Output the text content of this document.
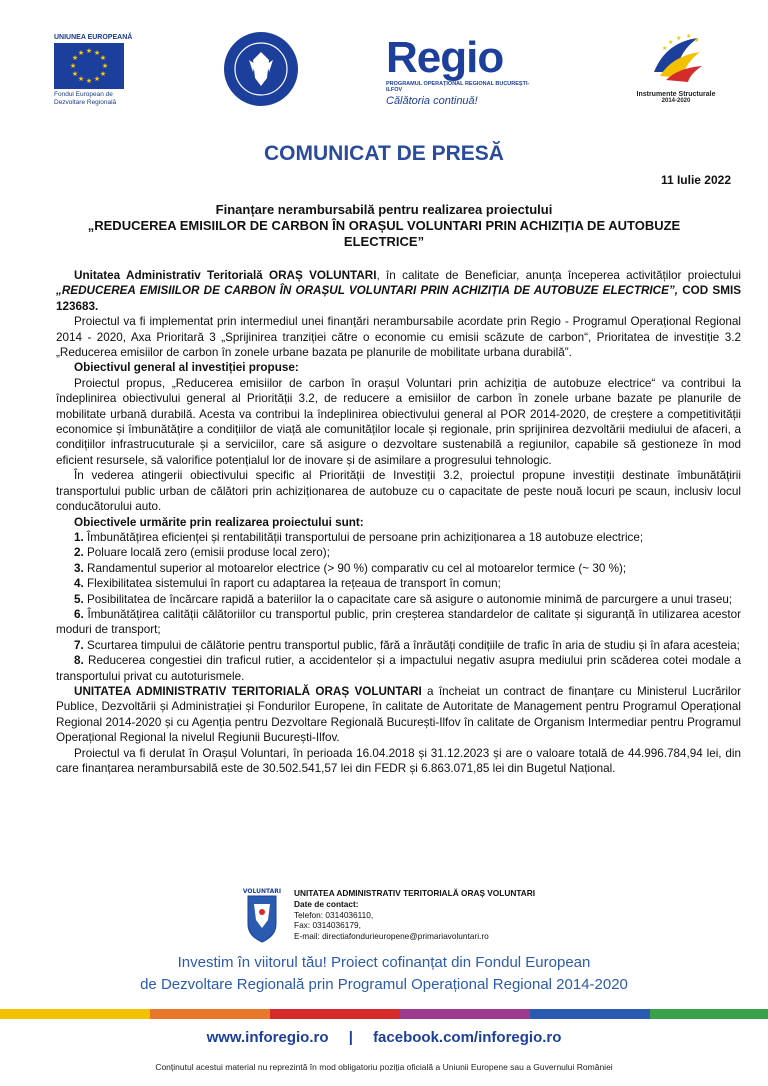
UNIUNEA EUROPEANĂ
★ ★
★
★
★
★
★
★
★
★
★
★
Fondul European de
Dezvoltare Regională
Regio
PROGRAMUL OPERAȚIONAL REGIONAL BUCUREȘTI-ILFOV
Călătoria continuă!
★ ★
★
★
★
Instrumente Structurale
2014-2020
COMUNICAT DE PRESĂ
11 Iulie 2022
Finanțare nerambursabilă pentru realizarea proiectului
„REDUCEREA EMISIILOR DE CARBON ÎN ORAȘUL VOLUNTARI PRIN ACHIZIȚIA DE AUTOBUZE ELECTRICE”

Unitatea Administrativ Teritorială ORAȘ VOLUNTARI, în calitate de Beneficiar, anunța începerea activităților proiectului „REDUCEREA EMISIILOR DE CARBON ÎN ORAȘUL VOLUNTARI PRIN ACHIZIȚIA DE AUTOBUZE ELECTRICE”, COD SMIS 123683.

Proiectul va fi implementat prin intermediul unei finanțări nerambursabile acordate prin Regio - Programul Operațional Regional 2014 - 2020, Axa Prioritară 3 „Sprijinirea tranziției către o economie cu emisii scăzute de carbon“, Prioritatea de investiție 3.2 „Reducerea emisiilor de carbon în zonele urbane bazata pe planurile de mobilitate urbana durabilă”.

Obiectivul general al investiției propuse:

Proiectul propus, „Reducerea emisiilor de carbon în orașul Voluntari prin achiziția de autobuze electrice“ va contribui la îndeplinirea obiectivului general al Priorității 3.2, de reducere a emisiilor de carbon în zonele urbane bazate pe planurile de mobilitate urbană durabilă. Acesta va contribui la îndeplinirea obiectivului general al POR 2014-2020, de creștere a competitivității economice și îmbunătățire a condițiilor de viață ale comunităților locale și regionale, prin sprijinirea dezvoltării mediului de afaceri, a condițiilor infrastrucuturale și a serviciilor, care să asigure o dezvoltare sustenabilă a regiunilor, capabile să gestioneze în mod eficient resursele, să valorifice potențialul lor de inovare și de asimilare a progresului tehnologic.

În vederea atingerii obiectivului specific al Priorității de Investiții 3.2, proiectul propune investiții destinate îmbunătățirii transportului public urban de călători prin achiziționarea de autobuze cu o capacitate de peste nouă locuri pe scaun, inclusiv locul conducătorului auto.

Obiectivele urmărite prin realizarea proiectului sunt:

1. Îmbunătățirea eficienței și rentabilității transportului de persoane prin achiziționarea a 18 autobuze electrice;

2. Poluare locală zero (emisii produse local zero);

3. Randamentul superior al motoarelor electrice (> 90 %) comparativ cu cel al motoarelor termice (~ 30 %);

4. Flexibilitatea sistemului în raport cu adaptarea la rețeaua de transport în comun;

5. Posibilitatea de încărcare rapidă a bateriilor la o capacitate care să asigure o autonomie minimă de parcurgere a unui traseu;

6. Îmbunătățirea calității călătoriilor cu transportul public, prin creșterea standardelor de calitate și siguranță în utilizarea acestor moduri de transport;

7. Scurtarea timpului de călătorie pentru transportul public, fără a înrăutăți condițiile de trafic în aria de studiu și în afara acesteia;

8. Reducerea congestiei din traficul rutier, a accidentelor și a impactului negativ asupra mediului prin scăderea cotei modale a transportului privat cu autoturismele.

UNITATEA ADMINISTRATIV TERITORIALĂ ORAȘ VOLUNTARI a încheiat un contract de finanțare cu Ministerul Lucrărilor Publice, Dezvoltării și Administrației și Fondurilor Europene, în calitate de Autoritate de Management pentru Programul Operațional Regional 2014-2020 și cu Agenția pentru Dezvoltare Regională București-Ilfov în calitate de Organism Intermediar pentru Programul Operațional Regional la nivelul Regiunii București-Ilfov.

Proiectul va fi derulat în Orașul Voluntari, în perioada 16.04.2018 și 31.12.2023 și are o valoare totală de 44.996.784,94 lei, din care finanțarea nerambursabilă este de 30.502.541,57 lei din FEDR și 6.863.071,85 lei din Bugetul Național.

VOLUNTARI UNITATEA ADMINISTRATIV TERITORIALĂ ORAȘ VOLUNTARI
Date de contact:
Telefon: 0314036110,
Fax: 0314036179,
E-mail: directiafondurieuropene@primariavoluntari.ro
Investim în viitorul tău! Proiect cofinanțat din Fondul European
de Dezvoltare Regională prin Programul Operațional Regional 2014-2020
www.inforegio.ro | facebook.com/inforegio.ro
Conținutul acestui material nu reprezintă în mod obligatoriu poziția oficială a Uniunii Europene sau a Guvernului României
